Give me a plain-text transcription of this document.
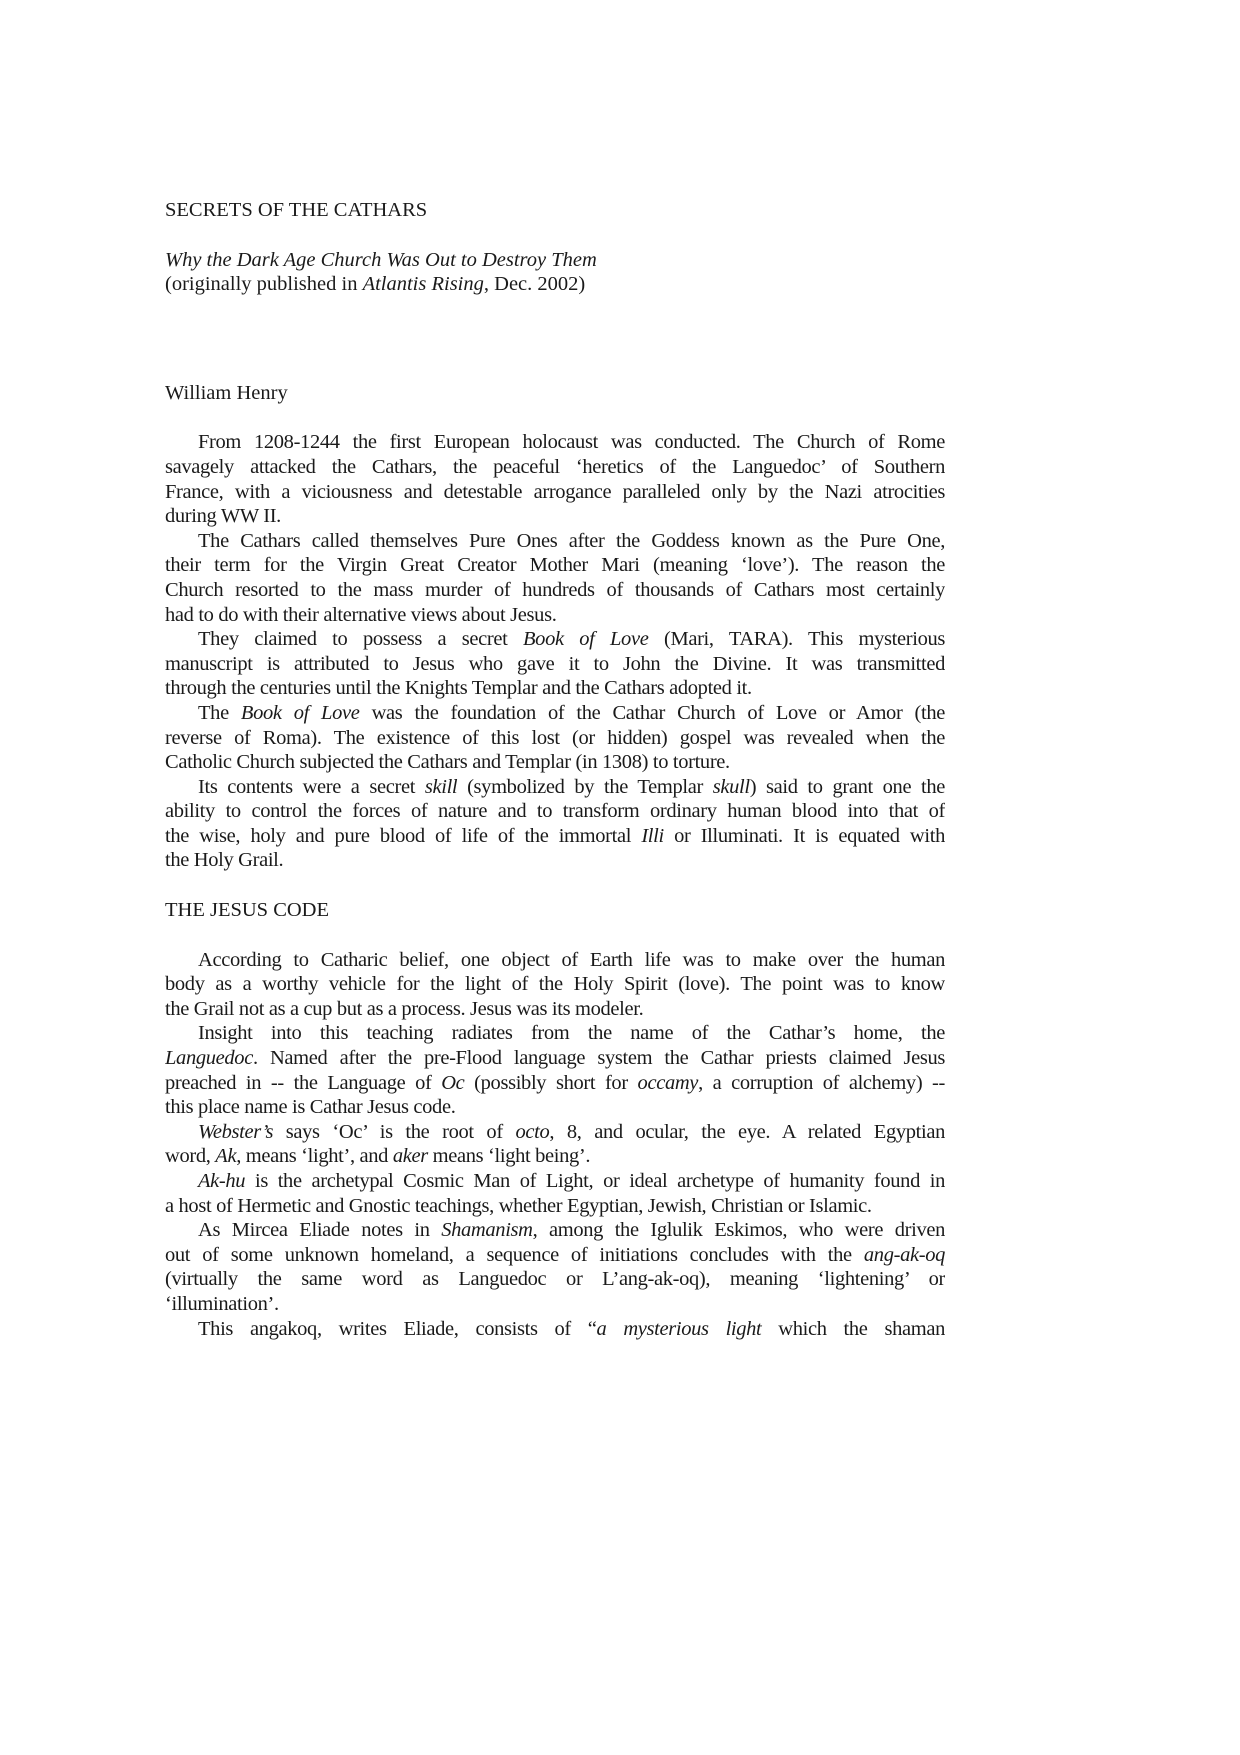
SECRETS OF THE CATHARS
Why the Dark Age Church Was Out to Destroy Them
(originally published in Atlantis Rising, Dec. 2002)
William Henry
From 1208-1244 the first European holocaust was conducted. The Church of Rome
savagely attacked the Cathars, the peaceful ‘heretics of the Languedoc’ of Southern
France, with a viciousness and detestable arrogance paralleled only by the Nazi atrocities
during WW II.
The Cathars called themselves Pure Ones after the Goddess known as the Pure One,
their term for the Virgin Great Creator Mother Mari (meaning ‘love’). The reason the
Church resorted to the mass murder of hundreds of thousands of Cathars most certainly
had to do with their alternative views about Jesus.
They claimed to possess a secret Book of Love (Mari, TARA). This mysterious
manuscript is attributed to Jesus who gave it to John the Divine. It was transmitted
through the centuries until the Knights Templar and the Cathars adopted it.
The Book of Love was the foundation of the Cathar Church of Love or Amor (the
reverse of Roma). The existence of this lost (or hidden) gospel was revealed when the
Catholic Church subjected the Cathars and Templar (in 1308) to torture.
Its contents were a secret skill (symbolized by the Templar skull) said to grant one the
ability to control the forces of nature and to transform ordinary human blood into that of
the wise, holy and pure blood of life of the immortal Illi or Illuminati. It is equated with
the Holy Grail.
THE JESUS CODE
According to Catharic belief, one object of Earth life was to make over the human
body as a worthy vehicle for the light of the Holy Spirit (love). The point was to know
the Grail not as a cup but as a process. Jesus was its modeler.
Insight into this teaching radiates from the name of the Cathar’s home, the
Languedoc. Named after the pre-Flood language system the Cathar priests claimed Jesus
preached in -- the Language of Oc (possibly short for occamy, a corruption of alchemy) --
this place name is Cathar Jesus code.
Webster’s says ‘Oc’ is the root of octo, 8, and ocular, the eye. A related Egyptian
word, Ak, means ‘light’, and aker means ‘light being’.
Ak-hu is the archetypal Cosmic Man of Light, or ideal archetype of humanity found in
a host of Hermetic and Gnostic teachings, whether Egyptian, Jewish, Christian or Islamic.
As Mircea Eliade notes in Shamanism, among the Iglulik Eskimos, who were driven
out of some unknown homeland, a sequence of initiations concludes with the ang-ak-oq
(virtually the same word as Languedoc or L’ang-ak-oq), meaning ‘lightening’ or
‘illumination’.
This angakoq, writes Eliade, consists of “a mysterious light which the shaman
